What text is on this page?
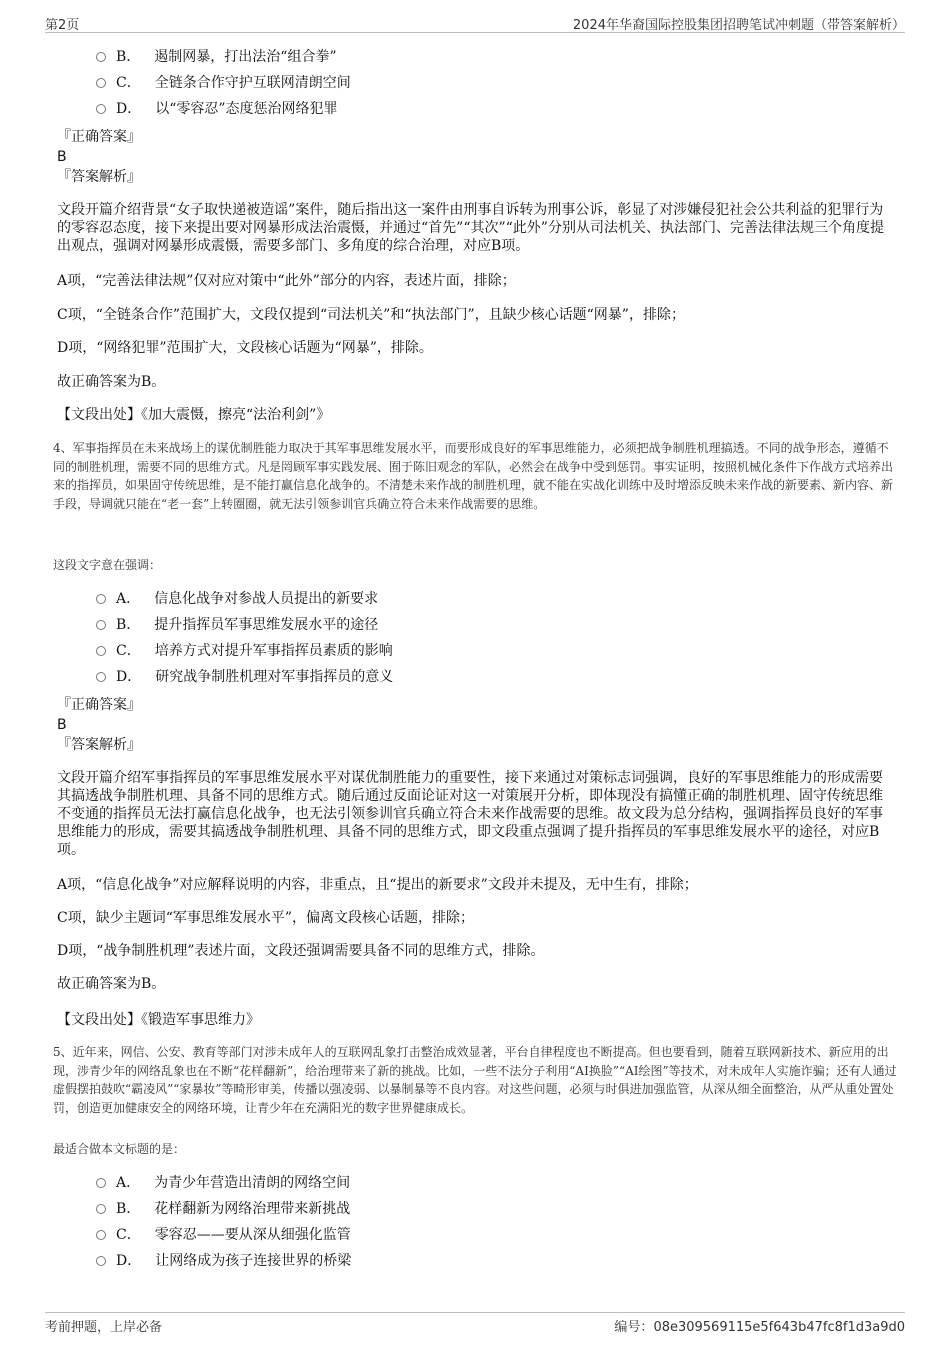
第2页	2024年华裔国际控股集团招聘笔试冲刺题（带答案解析）
B． 遏制网暴，打出法治“组合拳”
C． 全链条合作守护互联网清朗空间
D． 以“零容忍”态度惩治网络犯罪
『正确答案』
B
『答案解析』
文段开篇介绍背景“女子取快递被造谣”案件，随后指出这一案件由刑事自诉转为刑事公诉，彰显了对涉嫌侵犯社会公共利益的犯罪行为的零容忍态度，接下来提出要对网暴形成法治震慑，并通过“首先”“其次”“此外”分别从司法机关、执法部门、完善法律法规三个角度提出观点，强调对网暴形成震慑，需要多部门、多角度的综合治理，对应B项。
A项，“完善法律法规”仅对应对策中“此外”部分的内容，表述片面，排除；
C项，“全链条合作”范围扩大，文段仅提到“司法机关”和“执法部门”，且缺少核心话题“网暴”，排除；
D项，“网络犯罪”范围扩大，文段核心话题为“网暴”，排除。
故正确答案为B。
【文段出处】《加大震慑，擦亮“法治利剑”》
4、军事指挥员在未来战场上的谋优制胜能力取决于其军事思维发展水平，而要形成良好的军事思维能力，必须把战争制胜机理搞透。不同的战争形态，遵循不同的制胜机理，需要不同的思维方式。凡是罔顾军事实践发展、囿于陈旧观念的军队，必然会在战争中受到惩罚。事实证明，按照机械化条件下作战方式培养出来的指挥员，如果固守传统思维，是不能打赢信息化战争的。不清楚未来作战的制胜机理，就不能在实战化训练中及时增添反映未来作战的新要素、新内容、新手段，导调就只能在“老一套”上转圈圈，就无法引领参训官兵确立符合未来作战需要的思维。
这段文字意在强调：
A． 信息化战争对参战人员提出的新要求
B． 提升指挥员军事思维发展水平的途径
C． 培养方式对提升军事指挥员素质的影响
D． 研究战争制胜机理对军事指挥员的意义
『正确答案』
B
『答案解析』
文段开篇介绍军事指挥员的军事思维发展水平对谋优制胜能力的重要性，接下来通过对策标志词强调，良好的军事思维能力的形成需要其搞透战争制胜机理、具备不同的思维方式。随后通过反面论证对这一对策展开分析，即体现没有搞懂正确的制胜机理、固守传统思维不变通的指挥员无法打赢信息化战争，也无法引领参训官兵确立符合未来作战需要的思维。故文段为总分结构，强调指挥员良好的军事思维能力的形成，需要其搞透战争制胜机理、具备不同的思维方式，即文段重点强调了提升指挥员的军事思维发展水平的途径，对应B项。
A项，“信息化战争”对应解释说明的内容，非重点，且“提出的新要求”文段并未提及，无中生有，排除；
C项，缺少主题词“军事思维发展水平”，偏离文段核心话题，排除；
D项，“战争制胜机理”表述片面，文段还强调需要具备不同的思维方式，排除。
故正确答案为B。
【文段出处】《锻造军事思维力》
5、近年来，网信、公安、教育等部门对涉未成年人的互联网乱象打击整治成效显著，平台自律程度也不断提高。但也要看到，随着互联网新技术、新应用的出现，涉青少年的网络乱象也在不断“花样翻新”，给治理带来了新的挑战。比如，一些不法分子利用“AI换脸”“AI绘图”等技术，对未成年人实施诈骗；还有人通过虚假摆拍鼓吹“霸凌风”“家暴妆”等畸形审美，传播以强凌弱、以暴制暴等不良内容。对这些问题，必须与时俱进加强监管，从深从细全面整治，从严从重处置处罚，创造更加健康安全的网络环境，让青少年在充满阳光的数字世界健康成长。
最适合做本文标题的是：
A． 为青少年营造出清朗的网络空间
B． 花样翻新为网络治理带来新挑战
C． 零容忍——要从深从细强化监管
D． 让网络成为孩子连接世界的桥梁
考前押题，上岸必备	编号：08e309569115e5f643b47fc8f1d3a9d0
